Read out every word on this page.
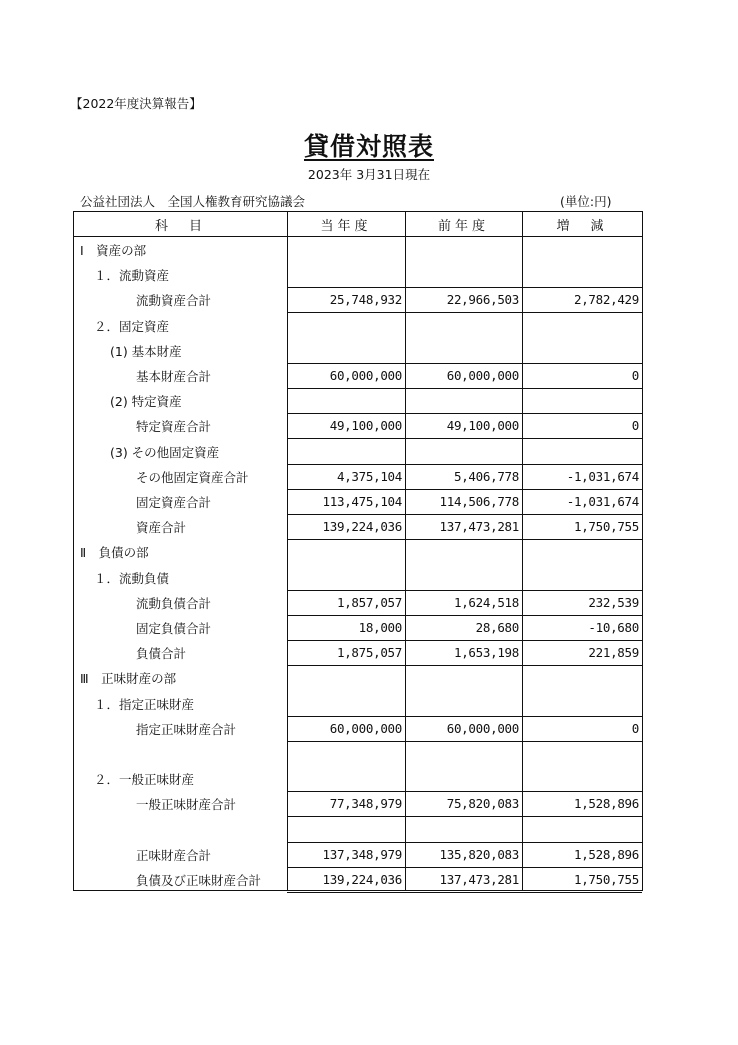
【2022年度決算報告】
貸借対照表
2023年 3月31日現在
公益社団法人　全国人権教育研究協議会	(単位:円)
科　目	当年度	前年度	増　減
Ⅰ　資産の部
１．流動資産
流動資産合計	25,748,932	22,966,503	2,782,429
２．固定資産
(1) 基本財産
基本財産合計	60,000,000	60,000,000	0
(2) 特定資産
特定資産合計	49,100,000	49,100,000	0
(3) その他固定資産
その他固定資産合計	4,375,104	5,406,778	-1,031,674
固定資産合計	113,475,104	114,506,778	-1,031,674
資産合計	139,224,036	137,473,281	1,750,755
Ⅱ　負債の部
１．流動負債
流動負債合計	1,857,057	1,624,518	232,539
固定負債合計	18,000	28,680	-10,680
負債合計	1,875,057	1,653,198	221,859
Ⅲ　正味財産の部
１．指定正味財産
指定正味財産合計	60,000,000	60,000,000	0
２．一般正味財産
一般正味財産合計	77,348,979	75,820,083	1,528,896
正味財産合計	137,348,979	135,820,083	1,528,896
負債及び正味財産合計	139,224,036	137,473,281	1,750,755
